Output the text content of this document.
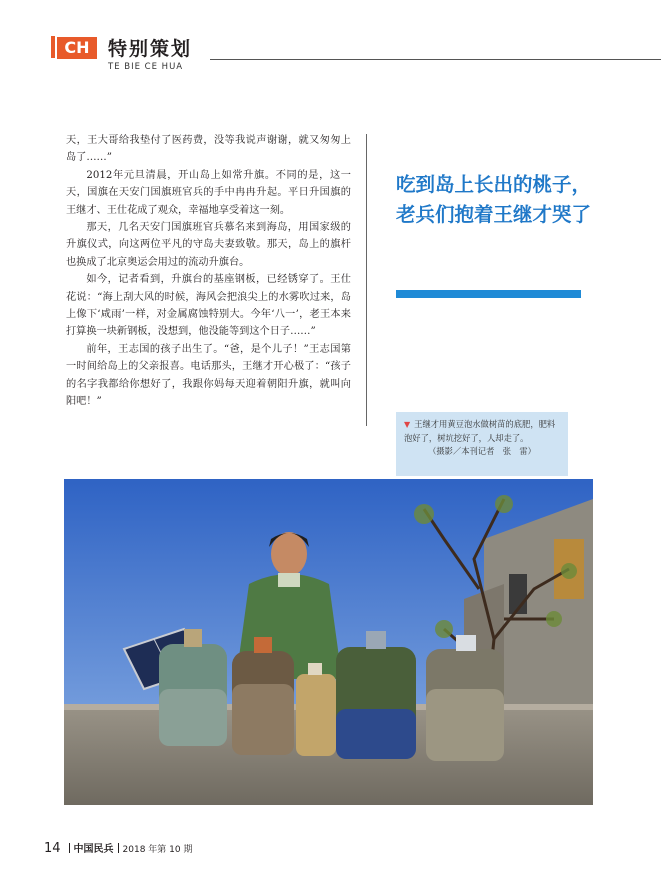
CH 特别策划
TE BIE CE HUA

天，王大哥给我垫付了医药费，没等我说声谢谢，就又匆匆上岛了……”

2012年元旦清晨，开山岛上如常升旗。不同的是，这一天，国旗在天安门国旗班官兵的手中冉冉升起。平日升国旗的王继才、王仕花成了观众，幸福地享受着这一刻。

那天，几名天安门国旗班官兵慕名来到海岛，用国家级的升旗仪式，向这两位平凡的守岛夫妻致敬。那天，岛上的旗杆也换成了北京奥运会用过的流动升旗台。

如今，记者看到，升旗台的基座钢板，已经锈穿了。王仕花说：“海上刮大风的时候，海风会把浪尖上的水雾吹过来，岛上像下‘咸雨’一样，对金属腐蚀特别大。今年‘八一’，老王本来打算换一块新钢板，没想到，他没能等到这个日子……”

前年，王志国的孩子出生了。“爸，是个儿子！”王志国第一时间给岛上的父亲报喜。电话那头，王继才开心极了：“孩子的名字我都给你想好了，我跟你妈每天迎着朝阳升旗，就叫向阳吧！”

吃到岛上长出的桃子，老兵们抱着王继才哭了
▼ 王继才用黄豆泡水做树苗的底肥，肥料泡好了，树坑挖好了，人却走了。
（摄影／本刊记者　张　雷）
14 中国民兵 2018 年第 10 期
